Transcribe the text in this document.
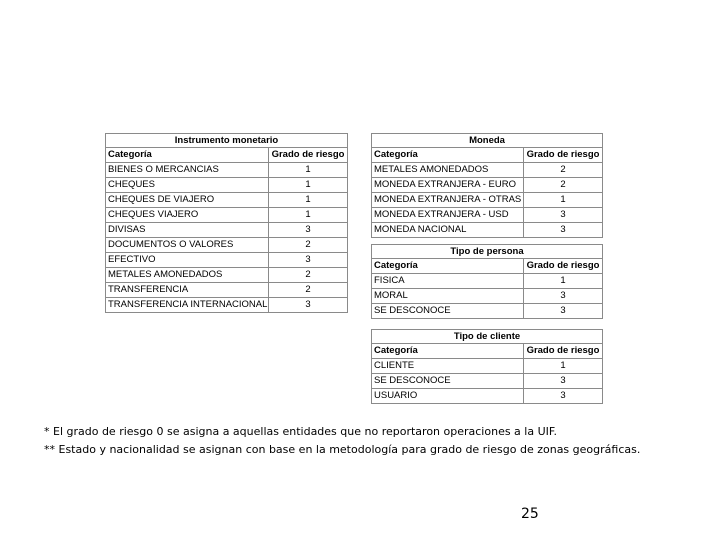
Instrumento monetario	
Categoría	Grado de riesgo
BIENES O MERCANCIAS	1
CHEQUES	1
CHEQUES DE VIAJERO	1
CHEQUES VIAJERO	1
DIVISAS	3
DOCUMENTOS O VALORES	2
EFECTIVO	3
METALES AMONEDADOS	2
TRANSFERENCIA	2
TRANSFERENCIA INTERNACIONAL	3
Moneda	
Categoría	Grado de riesgo
METALES AMONEDADOS	2
MONEDA EXTRANJERA - EURO	2
MONEDA EXTRANJERA - OTRAS	1
MONEDA EXTRANJERA - USD	3
MONEDA NACIONAL	3
Tipo de persona	
Categoría	Grado de riesgo
FISICA	1
MORAL	3
SE DESCONOCE	3
Tipo de cliente	
Categoría	Grado de riesgo
CLIENTE	1
SE DESCONOCE	3
USUARIO	3
* El grado de riesgo 0 se asigna a aquellas entidades que no reportaron operaciones a la UIF.
** Estado y nacionalidad se asignan con base en la metodología para grado de riesgo de zonas geográficas.
25
